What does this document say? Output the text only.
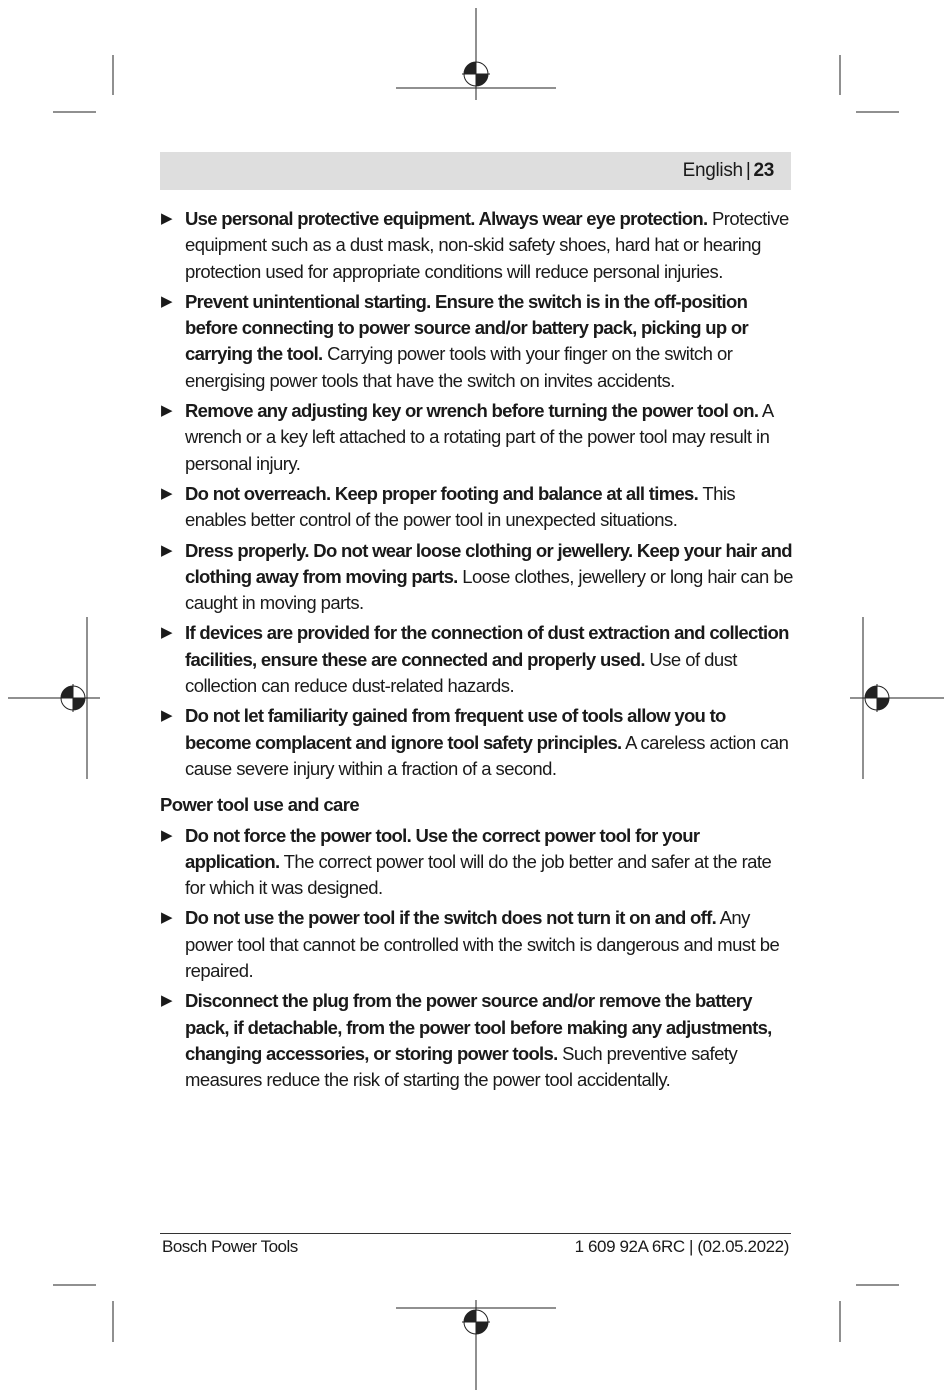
English | 23
▶ Use personal protective equipment. Always wear eye protection. Protective equipment such as a dust mask, non-skid safety shoes, hard hat or hearing protection used for appropriate conditions will reduce personal injuries.
▶ Prevent unintentional starting. Ensure the switch is in the off-position before connecting to power source and/or battery pack, picking up or carrying the tool. Carrying power tools with your finger on the switch or energising power tools that have the switch on invites accidents.
▶ Remove any adjusting key or wrench before turning the power tool on. A wrench or a key left attached to a rotating part of the power tool may result in personal injury.
▶ Do not overreach. Keep proper footing and balance at all times. This enables better control of the power tool in unexpected situations.
▶ Dress properly. Do not wear loose clothing or jewellery. Keep your hair and clothing away from moving parts. Loose clothes, jewellery or long hair can be caught in moving parts.
▶ If devices are provided for the connection of dust extraction and collection facilities, ensure these are connected and properly used. Use of dust collection can reduce dust-related hazards.
▶ Do not let familiarity gained from frequent use of tools allow you to become complacent and ignore tool safety principles. A careless action can cause severe injury within a fraction of a second.
Power tool use and care
▶ Do not force the power tool. Use the correct power tool for your application. The correct power tool will do the job better and safer at the rate for which it was designed.
▶ Do not use the power tool if the switch does not turn it on and off. Any power tool that cannot be controlled with the switch is dangerous and must be repaired.
▶ Disconnect the plug from the power source and/or remove the battery pack, if detachable, from the power tool before making any adjustments, changing accessories, or storing power tools. Such preventive safety measures reduce the risk of starting the power tool accidentally.
Bosch Power Tools	1 609 92A 6RC | (02.05.2022)
